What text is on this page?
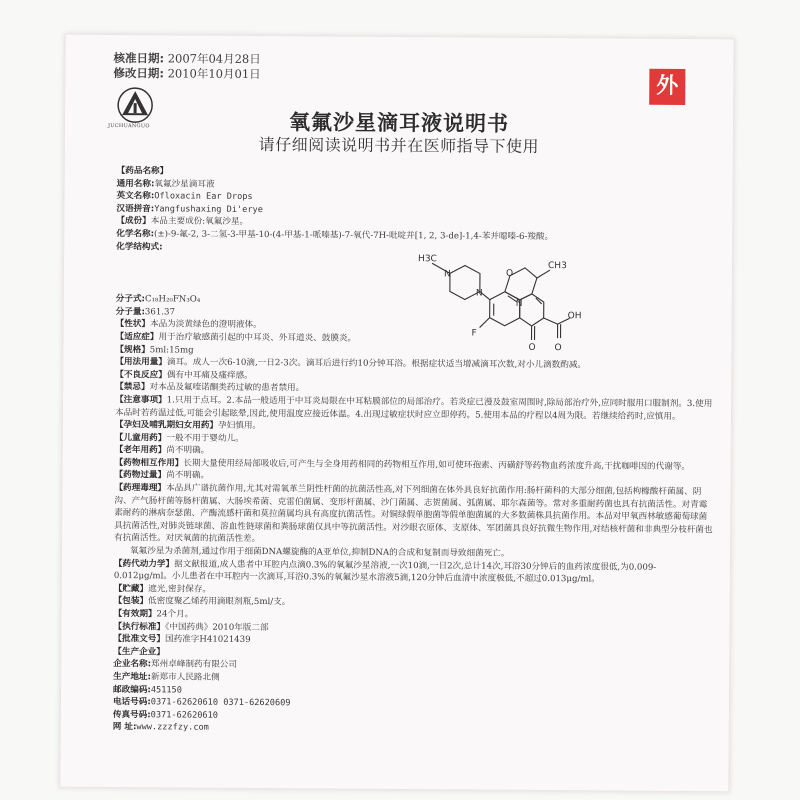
核准日期: 2007年04月28日
修改日期: 2010年10月01日
JUCHUANGUO
外
氧氟沙星滴耳液说明书
请仔细阅读说明书并在医师指导下使用
H3C
N
N
F
N
O
CH3
O O
OH
【药品名称】
通用名称:氧氟沙星滴耳液
英文名称:Ofloxacin Ear Drops
汉语拼音:Yangfushaxing Di'erye
【成份】本品主要成份:氧氟沙星。
化学名称:(±)-9-氟-2, 3-二氢-3-甲基-10-(4-甲基-1-哌嗪基)-7-氧代-7H-吡啶并[1, 2, 3-de]-1,4-苯并噁嗪-6-羧酸。
化学结构式:
分子式:C₁₈H₂₀FN₃O₄
分子量:361.37
【性状】本品为淡黄绿色的澄明液体。
【适应症】用于治疗敏感菌引起的中耳炎、外耳道炎、鼓膜炎。
【规格】5ml:15mg
【用法用量】滴耳。成人一次6-10滴,一日2-3次。滴耳后进行约10分钟耳浴。根据症状适当增减滴耳次数,对小儿滴数酌减。
【不良反应】偶有中耳痛及瘙痒感。
【禁忌】对本品及氟喹诺酮类药过敏的患者禁用。
【注意事项】1.只用于点耳。2.本品一般适用于中耳炎局限在中耳粘膜部位的局部治疗。若炎症已漫及鼓室周围时,除局部治疗外,应同时服用口服制剂。3.使用本品时若药温过低,可能会引起眩晕,因此,使用温度应接近体温。4.出现过敏症状时应立即停药。5.使用本品的疗程以4周为限。若继续给药时,应慎用。
【孕妇及哺乳期妇女用药】孕妇慎用。
【儿童用药】一般不用于婴幼儿。
【老年用药】尚不明确。
【药物相互作用】长期大量使用经局部吸收后,可产生与全身用药相同的药物相互作用,如可使环孢素、丙磺舒等药物血药浓度升高,干扰咖啡因的代谢等。
【药物过量】尚不明确。
【药理毒理】本品具广谱抗菌作用,尤其对需氧革兰阴性杆菌的抗菌活性高,对下列细菌在体外具良好抗菌作用:肠杆菌科的大部分细菌,包括枸橼酸杆菌属、阴沟、产气肠杆菌等肠杆菌属、大肠埃希菌、克雷伯菌属、变形杆菌属、沙门菌属、志贺菌属、弧菌属、耶尔森菌等。常对多重耐药菌也具有抗菌活性。对青霉素耐药的淋病奈瑟菌、产酶流感杆菌和莫拉菌属均具有高度抗菌活性。对铜绿假单胞菌等假单胞菌属的大多数菌株具抗菌作用。本品对甲氧西林敏感葡萄球菌具抗菌活性,对肺炎链球菌、溶血性链球菌和粪肠球菌仅具中等抗菌活性。对沙眼衣原体、支原体、军团菌具良好抗微生物作用,对结核杆菌和非典型分枝杆菌也有抗菌活性。对厌氧菌的抗菌活性差。
氧氟沙星为杀菌剂,通过作用于细菌DNA螺旋酶的A亚单位,抑制DNA的合成和复制而导致细菌死亡。
【药代动力学】据文献报道,成人患者中耳腔内点滴0.3%的氧氟沙星溶液,一次10滴,一日2次,总计14次,耳浴30分钟后的血药浓度很低,为0.009-0.012μg/ml。小儿患者在中耳腔内一次滴耳,耳浴0.3%的氧氟沙星水溶液5滴,120分钟后血清中浓度极低,不超过0.013μg/ml。
【贮藏】遮光,密封保存。
【包装】低密度聚乙烯药用滴眼剂瓶,5ml/支。
【有效期】24个月。
【执行标准】《中国药典》2010年版二部
【批准文号】国药准字H41021439
【生产企业】
企业名称:郑州卓峰制药有限公司
生产地址:新郑市人民路北侧
邮政编码:451150
电话号码:0371-62620610 0371-62620609
传真号码:0371-62620610
网 址:www.zzzfzy.com
